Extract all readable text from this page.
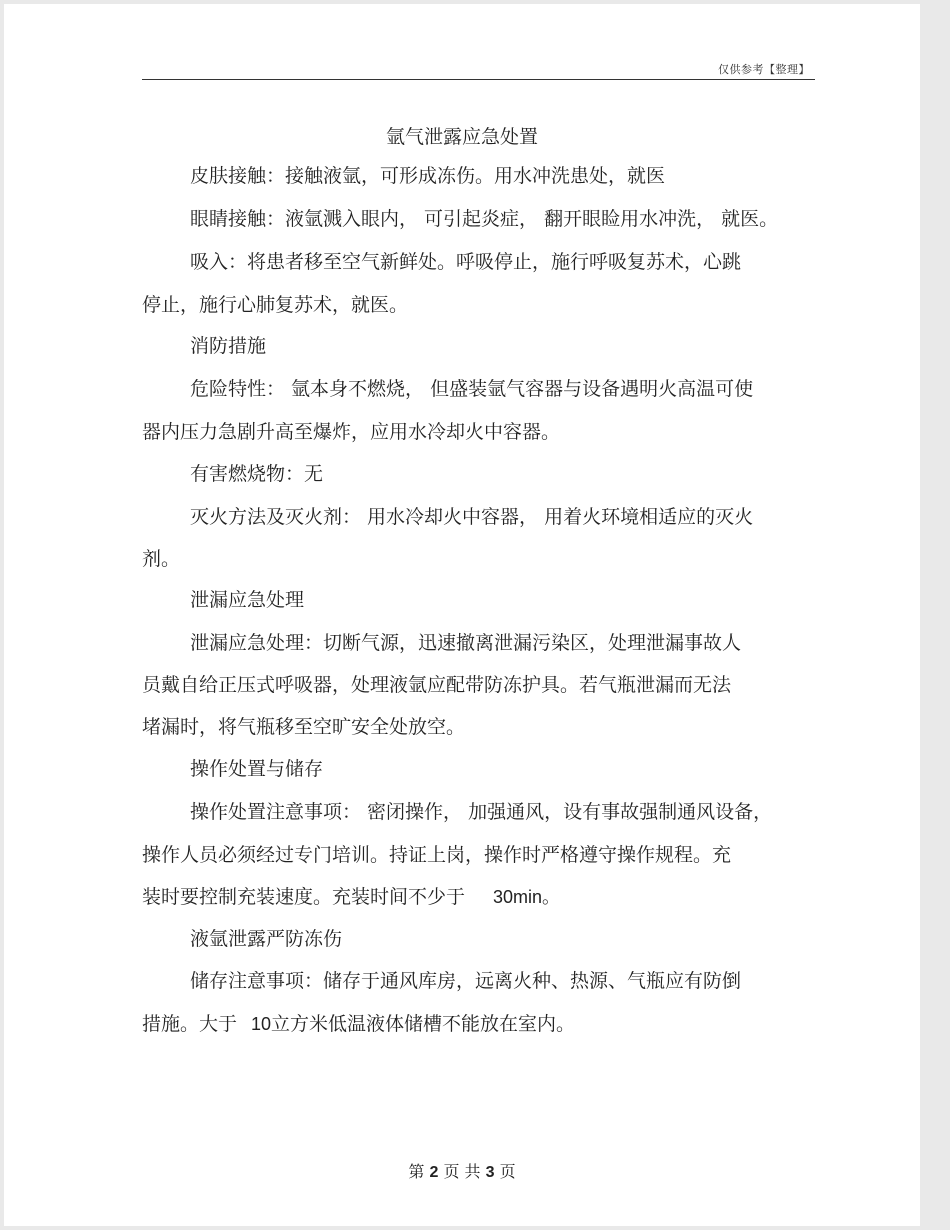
仅供参考【整理】
氩气泄露应急处置
皮肤接触：接触液氩，可形成冻伤。用水冲洗患处，就医
眼睛接触：液氩溅入眼内， 可引起炎症， 翻开眼睑用水冲洗， 就医。
吸入：将患者移至空气新鲜处。呼吸停止，施行呼吸复苏术，心跳
停止，施行心肺复苏术，就医。
消防措施
危险特性： 氩本身不燃烧， 但盛装氩气容器与设备遇明火高温可使
器内压力急剧升高至爆炸，应用水冷却火中容器。
有害燃烧物：无
灭火方法及灭火剂： 用水冷却火中容器， 用着火环境相适应的灭火
剂。
泄漏应急处理
泄漏应急处理：切断气源，迅速撤离泄漏污染区，处理泄漏事故人
员戴自给正压式呼吸器，处理液氩应配带防冻护具。若气瓶泄漏而无法
堵漏时，将气瓶移至空旷安全处放空。
操作处置与储存
操作处置注意事项： 密闭操作， 加强通风，设有事故强制通风设备，
操作人员必须经过专门培训。持证上岗，操作时严格遵守操作规程。充
装时要控制充装速度。充装时间不少于 30min。
液氩泄露严防冻伤
储存注意事项：储存于通风库房，远离火种、热源、气瓶应有防倒
措施。大于 10立方米低温液体储槽不能放在室内。
第 2 页 共 3 页
